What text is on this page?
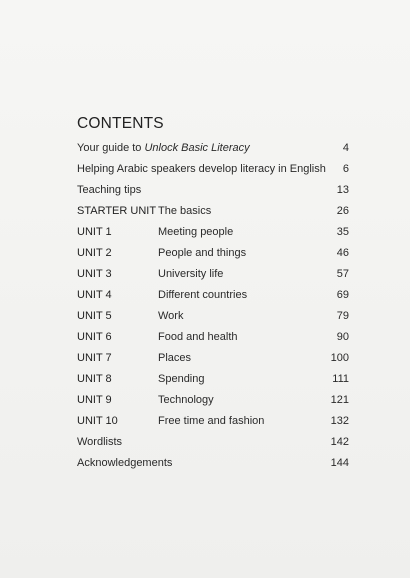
CONTENTS
Your guide to Unlock Basic Literacy	4
Helping Arabic speakers develop literacy in English 6
Teaching tips	13
STARTER UNIT The basics	26
UNIT 1	Meeting people	35
UNIT 2	People and things	46
UNIT 3	University life	57
UNIT 4	Different countries	69
UNIT 5	Work	79
UNIT 6	Food and health	90
UNIT 7	Places	100
UNIT 8	Spending	111
UNIT 9	Technology	121
UNIT 10	Free time and fashion	132
Wordlists	142
Acknowledgements	144
